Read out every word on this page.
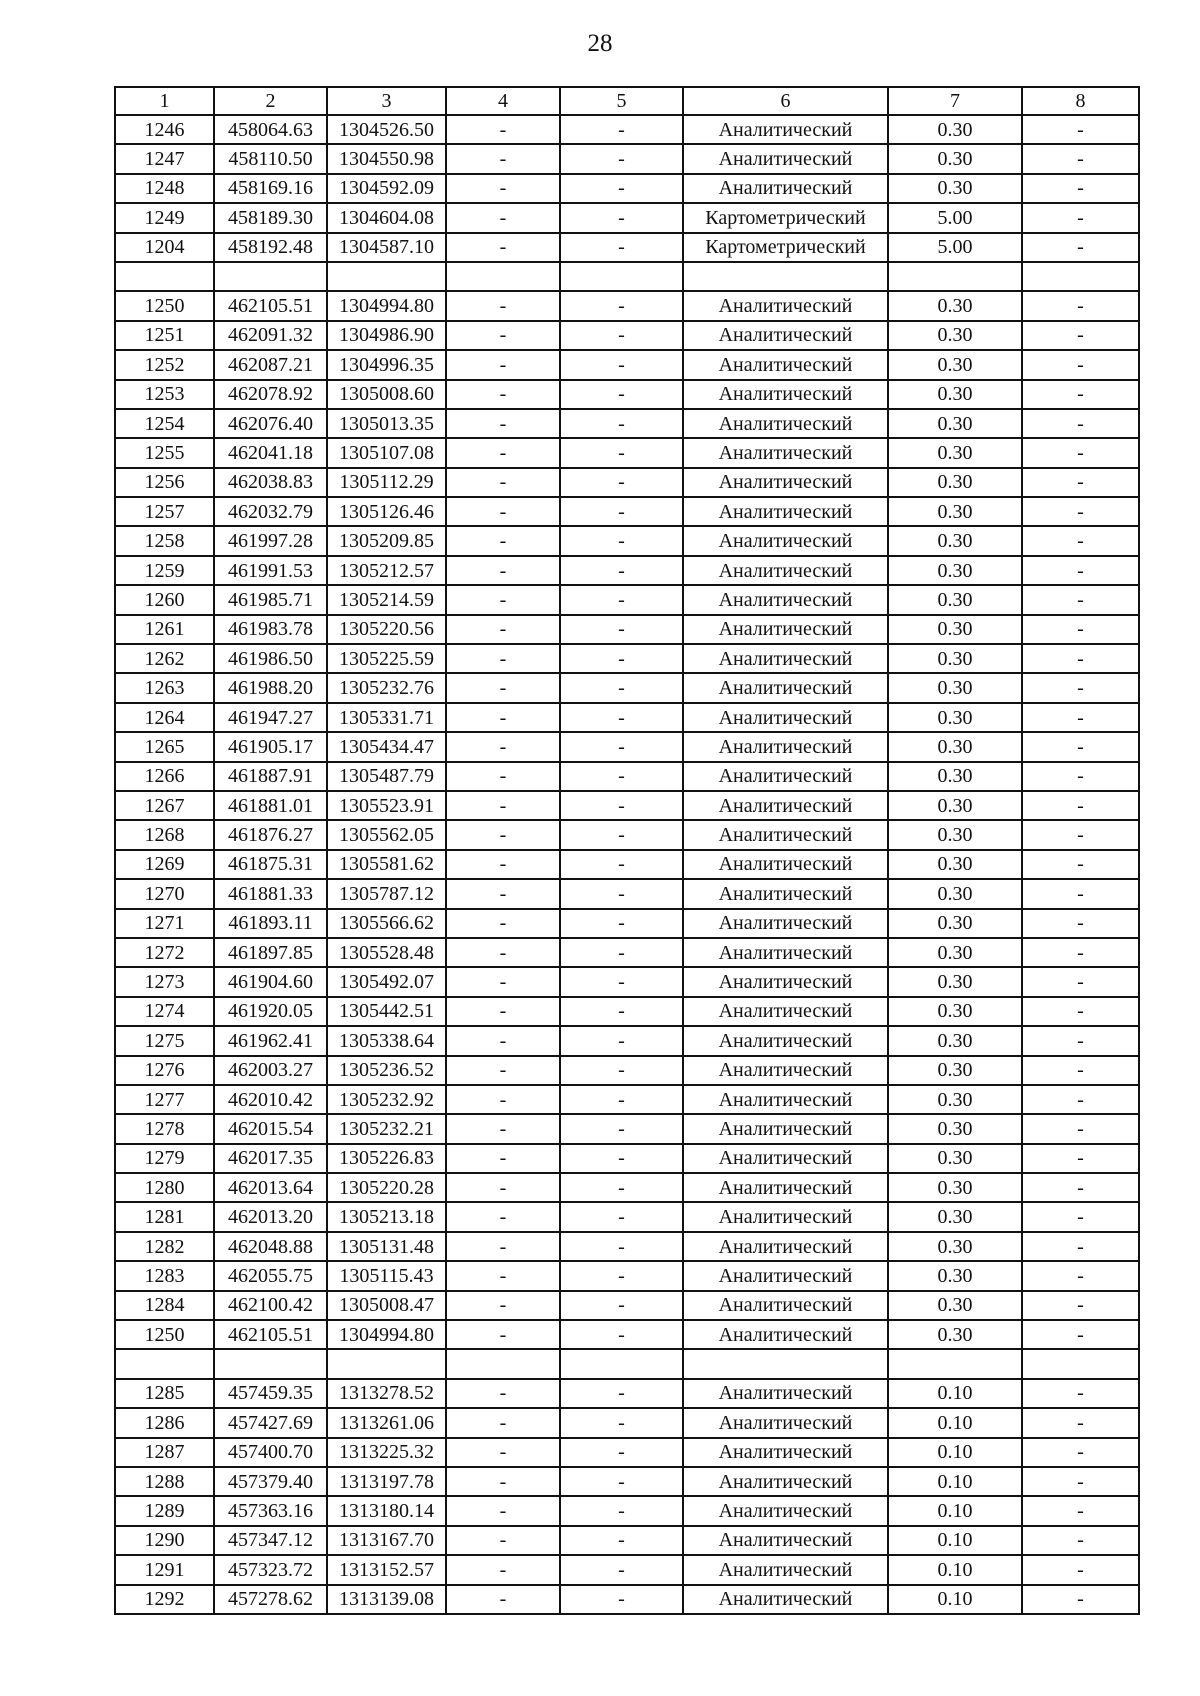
28
1	2	3	4	5	6	7	8
1246	458064.63	1304526.50	-	-	Аналитический	0.30	-
1247	458110.50	1304550.98	-	-	Аналитический	0.30	-
1248	458169.16	1304592.09	-	-	Аналитический	0.30	-
1249	458189.30	1304604.08	-	-	Картометрический	5.00	-
1204	458192.48	1304587.10	-	-	Картометрический	5.00	-

1250	462105.51	1304994.80	-	-	Аналитический	0.30	-
1251	462091.32	1304986.90	-	-	Аналитический	0.30	-
1252	462087.21	1304996.35	-	-	Аналитический	0.30	-
1253	462078.92	1305008.60	-	-	Аналитический	0.30	-
1254	462076.40	1305013.35	-	-	Аналитический	0.30	-
1255	462041.18	1305107.08	-	-	Аналитический	0.30	-
1256	462038.83	1305112.29	-	-	Аналитический	0.30	-
1257	462032.79	1305126.46	-	-	Аналитический	0.30	-
1258	461997.28	1305209.85	-	-	Аналитический	0.30	-
1259	461991.53	1305212.57	-	-	Аналитический	0.30	-
1260	461985.71	1305214.59	-	-	Аналитический	0.30	-
1261	461983.78	1305220.56	-	-	Аналитический	0.30	-
1262	461986.50	1305225.59	-	-	Аналитический	0.30	-
1263	461988.20	1305232.76	-	-	Аналитический	0.30	-
1264	461947.27	1305331.71	-	-	Аналитический	0.30	-
1265	461905.17	1305434.47	-	-	Аналитический	0.30	-
1266	461887.91	1305487.79	-	-	Аналитический	0.30	-
1267	461881.01	1305523.91	-	-	Аналитический	0.30	-
1268	461876.27	1305562.05	-	-	Аналитический	0.30	-
1269	461875.31	1305581.62	-	-	Аналитический	0.30	-
1270	461881.33	1305787.12	-	-	Аналитический	0.30	-
1271	461893.11	1305566.62	-	-	Аналитический	0.30	-
1272	461897.85	1305528.48	-	-	Аналитический	0.30	-
1273	461904.60	1305492.07	-	-	Аналитический	0.30	-
1274	461920.05	1305442.51	-	-	Аналитический	0.30	-
1275	461962.41	1305338.64	-	-	Аналитический	0.30	-
1276	462003.27	1305236.52	-	-	Аналитический	0.30	-
1277	462010.42	1305232.92	-	-	Аналитический	0.30	-
1278	462015.54	1305232.21	-	-	Аналитический	0.30	-
1279	462017.35	1305226.83	-	-	Аналитический	0.30	-
1280	462013.64	1305220.28	-	-	Аналитический	0.30	-
1281	462013.20	1305213.18	-	-	Аналитический	0.30	-
1282	462048.88	1305131.48	-	-	Аналитический	0.30	-
1283	462055.75	1305115.43	-	-	Аналитический	0.30	-
1284	462100.42	1305008.47	-	-	Аналитический	0.30	-
1250	462105.51	1304994.80	-	-	Аналитический	0.30	-

1285	457459.35	1313278.52	-	-	Аналитический	0.10	-
1286	457427.69	1313261.06	-	-	Аналитический	0.10	-
1287	457400.70	1313225.32	-	-	Аналитический	0.10	-
1288	457379.40	1313197.78	-	-	Аналитический	0.10	-
1289	457363.16	1313180.14	-	-	Аналитический	0.10	-
1290	457347.12	1313167.70	-	-	Аналитический	0.10	-
1291	457323.72	1313152.57	-	-	Аналитический	0.10	-
1292	457278.62	1313139.08	-	-	Аналитический	0.10	-
